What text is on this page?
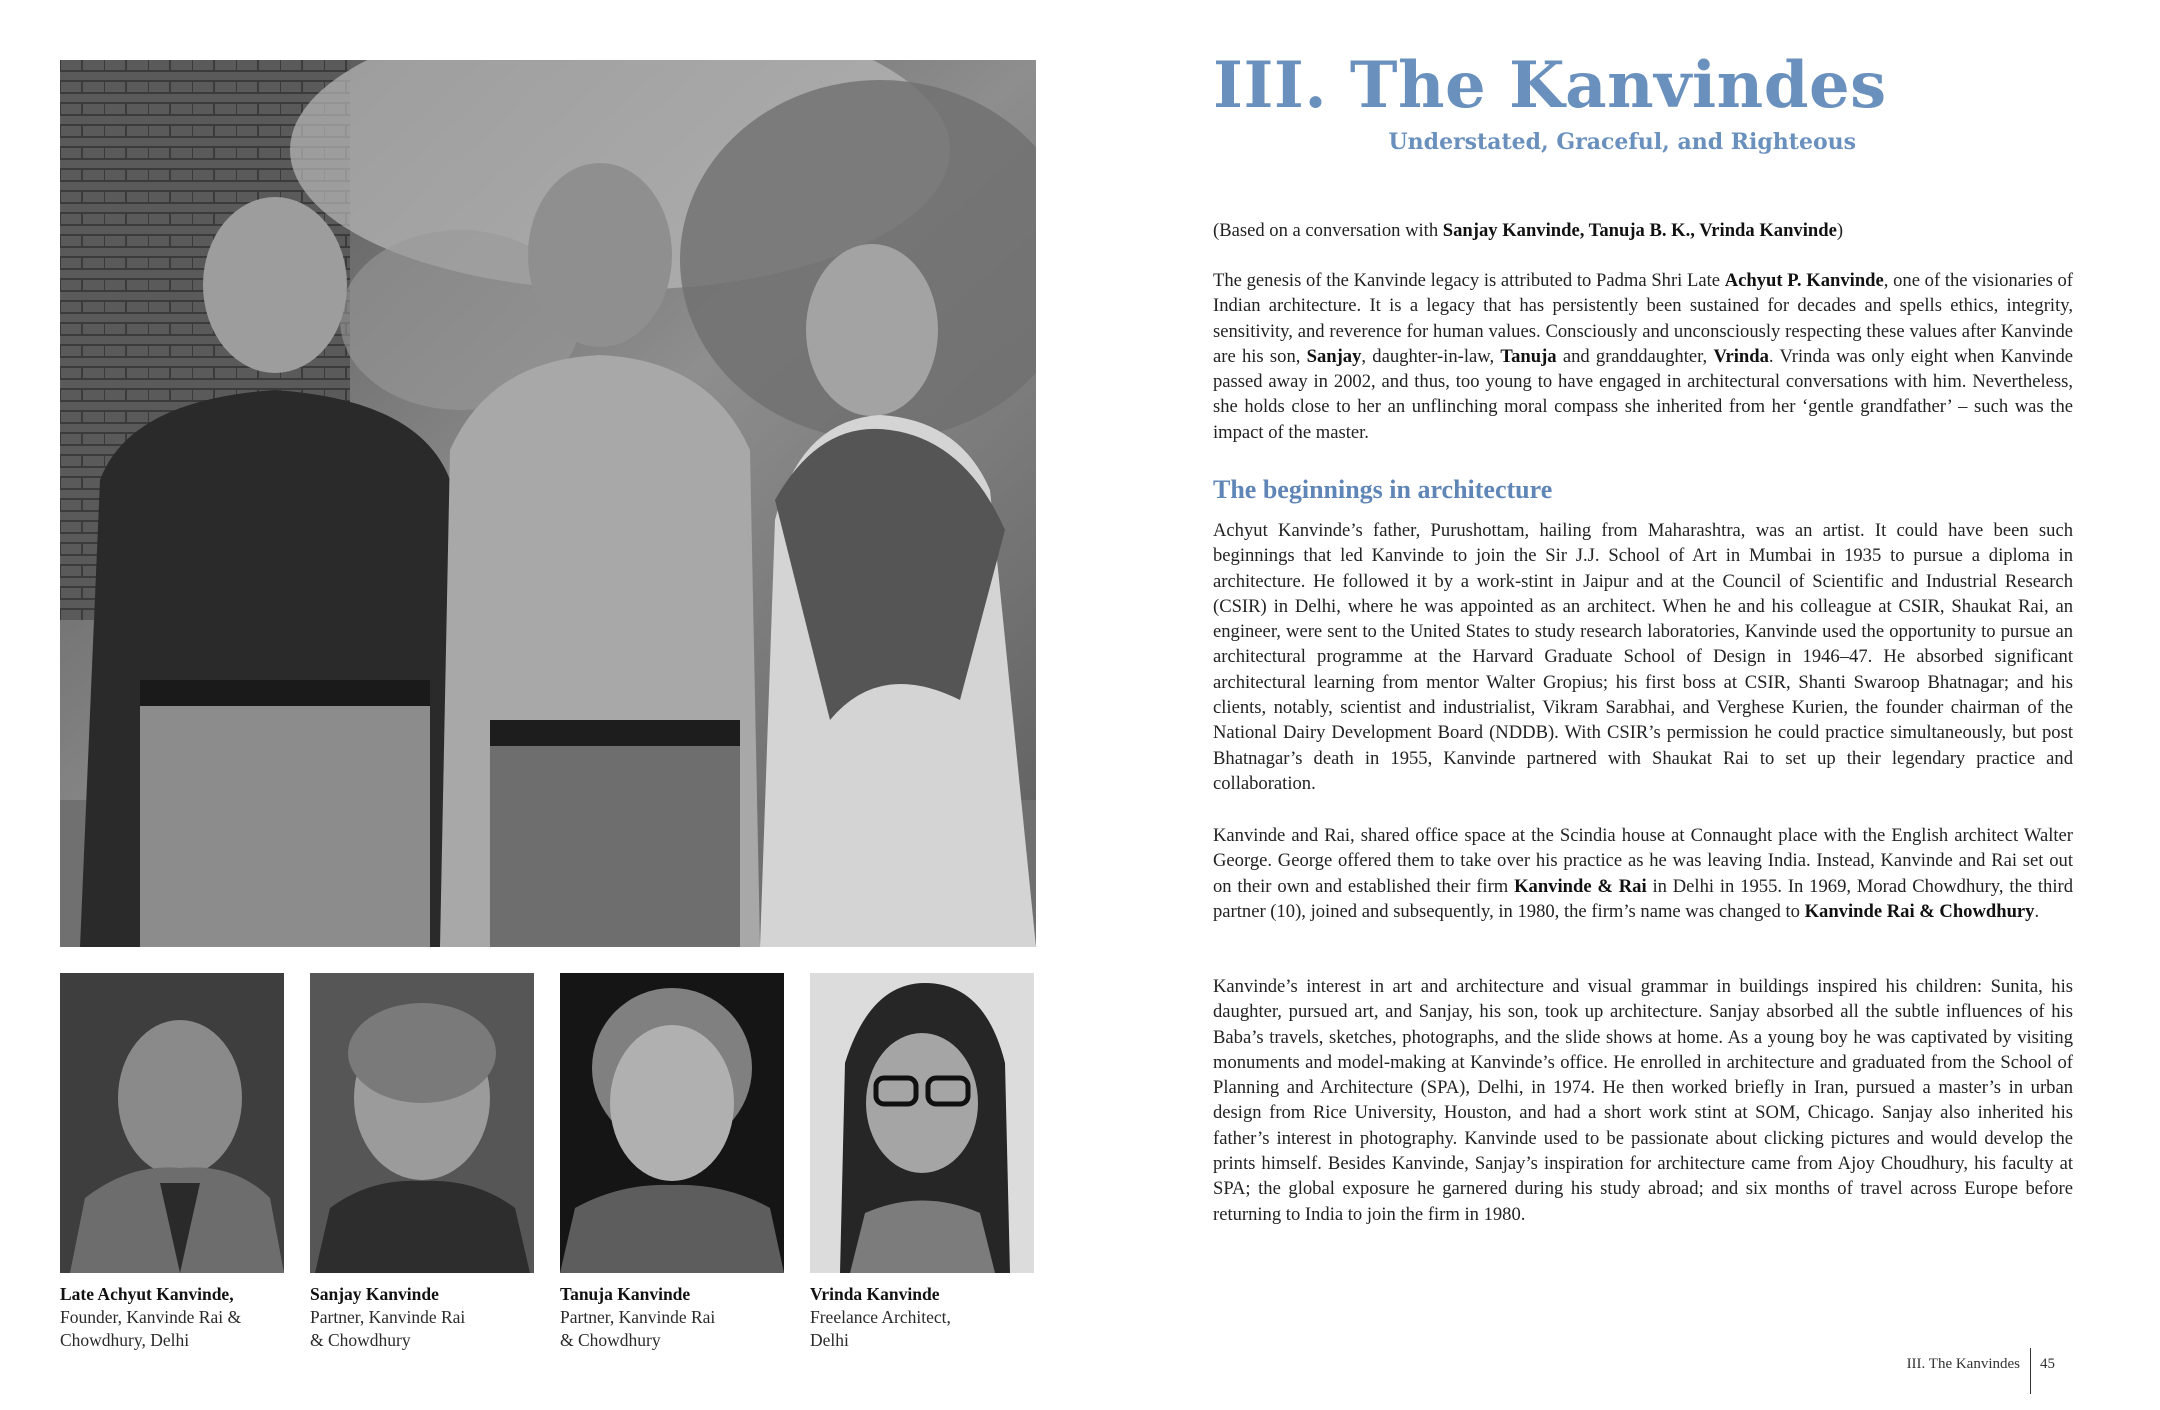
Late Achyut Kanvinde,
Founder, Kanvinde Rai &
Chowdhury, Delhi
Sanjay Kanvinde
Partner, Kanvinde Rai
& Chowdhury
Tanuja Kanvinde
Partner, Kanvinde Rai
& Chowdhury
Vrinda Kanvinde
Freelance Architect,
Delhi
III. The Kanvindes
Understated, Graceful, and Righteous
(Based on a conversation with Sanjay Kanvinde, Tanuja B. K., Vrinda Kanvinde)
The genesis of the Kanvinde legacy is attributed to Padma Shri Late Achyut P. Kanvinde, one of the visionaries of Indian architecture. It is a legacy that has persistently been sustained for decades and spells ethics, integrity, sensitivity, and reverence for human values. Consciously and unconsciously respecting these values after Kanvinde are his son, Sanjay, daughter-in-law, Tanuja and granddaughter, Vrinda. Vrinda was only eight when Kanvinde passed away in 2002, and thus, too young to have engaged in architectural conversations with him. Nevertheless, she holds close to her an unflinching moral compass she inherited from her ‘gentle grandfather’ – such was the impact of the master.
The beginnings in architecture
Achyut Kanvinde’s father, Purushottam, hailing from Maharashtra, was an artist. It could have been such beginnings that led Kanvinde to join the Sir J.J. School of Art in Mumbai in 1935 to pursue a diploma in architecture. He followed it by a work-stint in Jaipur and at the Council of Scientific and Industrial Research (CSIR) in Delhi, where he was appointed as an architect. When he and his colleague at CSIR, Shaukat Rai, an engineer, were sent to the United States to study research laboratories, Kanvinde used the opportunity to pursue an architectural programme at the Harvard Graduate School of Design in 1946–47. He absorbed significant architectural learning from mentor Walter Gropius; his first boss at CSIR, Shanti Swaroop Bhatnagar; and his clients, notably, scientist and industrialist, Vikram Sarabhai, and Verghese Kurien, the founder chairman of the National Dairy Development Board (NDDB). With CSIR’s permission he could practice simultaneously, but post Bhatnagar’s death in 1955, Kanvinde partnered with Shaukat Rai to set up their legendary practice and collaboration.
Kanvinde and Rai, shared office space at the Scindia house at Connaught place with the English architect Walter George. George offered them to take over his practice as he was leaving India. Instead, Kanvinde and Rai set out on their own and established their firm Kanvinde & Rai in Delhi in 1955. In 1969, Morad Chowdhury, the third partner (10), joined and subsequently, in 1980, the firm’s name was changed to Kanvinde Rai & Chowdhury.
Kanvinde’s interest in art and architecture and visual grammar in buildings inspired his children: Sunita, his daughter, pursued art, and Sanjay, his son, took up architecture. Sanjay absorbed all the subtle influences of his Baba’s travels, sketches, photographs, and the slide shows at home. As a young boy he was captivated by visiting monuments and model-making at Kanvinde’s office. He enrolled in architecture and graduated from the School of Planning and Architecture (SPA), Delhi, in 1974. He then worked briefly in Iran, pursued a master’s in urban design from Rice University, Houston, and had a short work stint at SOM, Chicago. Sanjay also inherited his father’s interest in photography. Kanvinde used to be passionate about clicking pictures and would develop the prints himself. Besides Kanvinde, Sanjay’s inspiration for architecture came from Ajoy Choudhury, his faculty at SPA; the global exposure he garnered during his study abroad; and six months of travel across Europe before returning to India to join the firm in 1980.
III. The Kanvindes 45
